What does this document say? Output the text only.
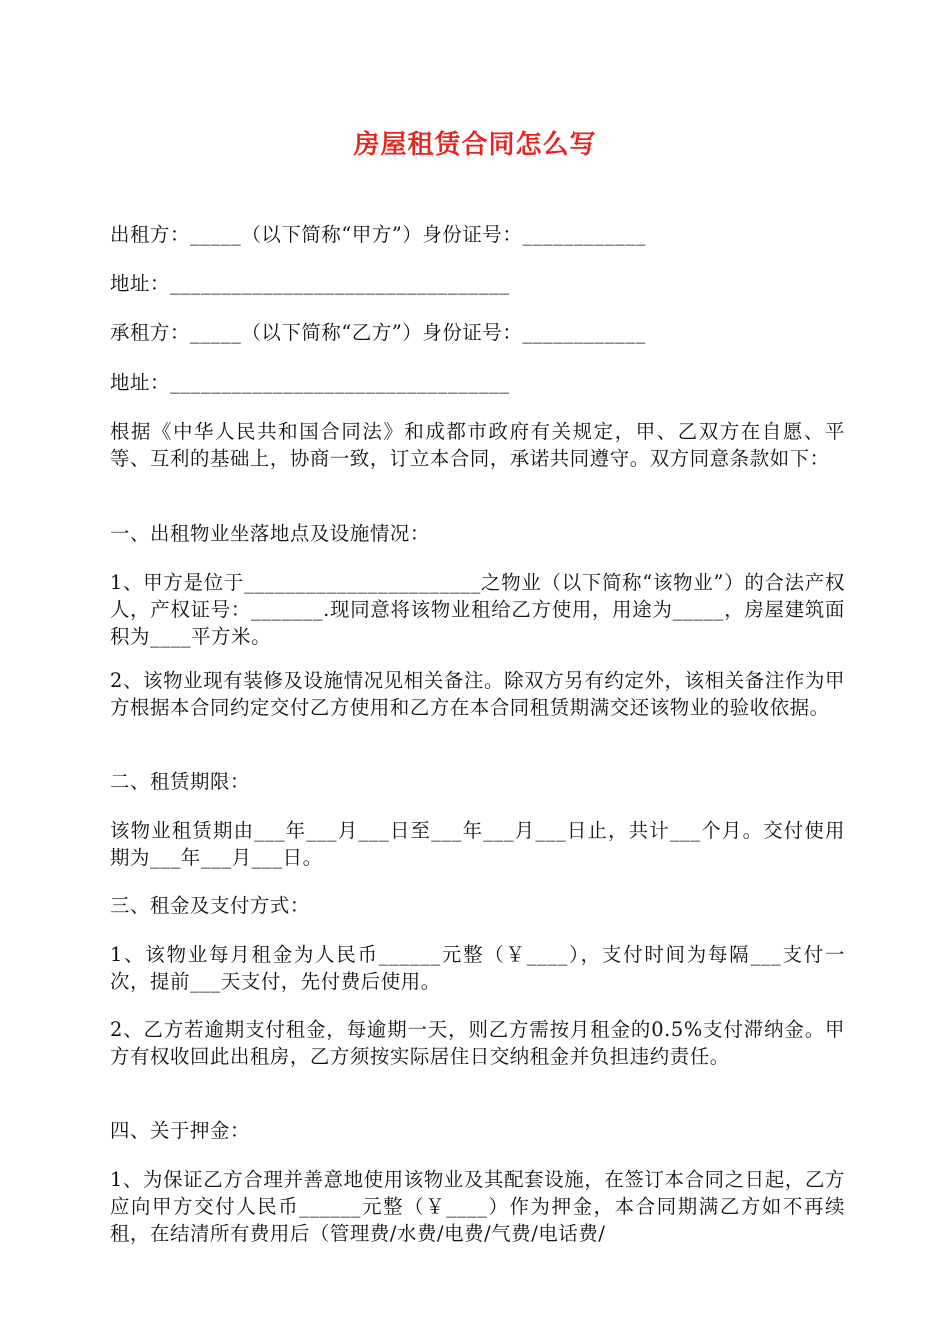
房屋租赁合同怎么写

出租方：_____（以下简称“甲方”）身份证号：____________

地址：_________________________________

承租方：_____（以下简称“乙方”）身份证号：____________

地址：_________________________________

根据《中华人民共和国合同法》和成都市政府有关规定，甲、乙双方在自愿、平等、互利的基础上，协商一致，订立本合同，承诺共同遵守。双方同意条款如下：

一、出租物业坐落地点及设施情况：

1、甲方是位于_______________________之物业（以下简称“该物业”）的合法产权人，产权证号：_______.现同意将该物业租给乙方使用，用途为_____，房屋建筑面积为____平方米。

2、该物业现有装修及设施情况见相关备注。除双方另有约定外，该相关备注作为甲方根据本合同约定交付乙方使用和乙方在本合同租赁期满交还该物业的验收依据。

二、租赁期限：

该物业租赁期由___年___月___日至___年___月___日止，共计___个月。交付使用期为___年___月___日。

三、租金及支付方式：

1、该物业每月租金为人民币______元整（￥____），支付时间为每隔___支付一次，提前___天支付，先付费后使用。

2、乙方若逾期支付租金，每逾期一天，则乙方需按月租金的0.5%支付滞纳金。甲方有权收回此出租房，乙方须按实际居住日交纳租金并负担违约责任。

四、关于押金：

1、为保证乙方合理并善意地使用该物业及其配套设施，在签订本合同之日起，乙方应向甲方交付人民币______元整（￥____）作为押金，本合同期满乙方如不再续租，在结清所有费用后（管理费/水费/电费/气费/电话费/
